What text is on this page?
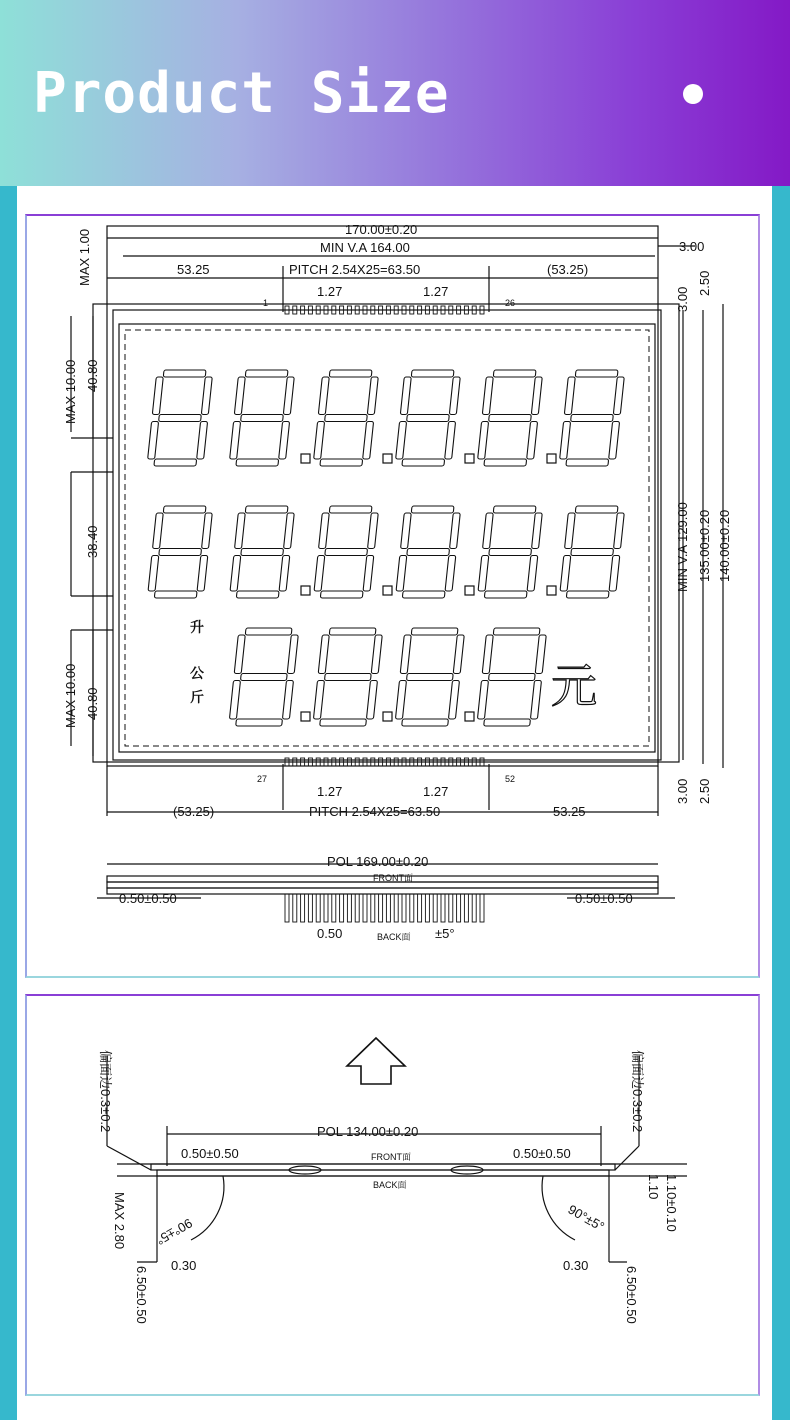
Product Size
170.00±0.20
MIN V.A 164.00
53.25	PITCH 2.54X25=63.50	(53.25)
1.27	1.27
1	26
3.00
3.00
2.50
MIN V.A 129.00 135.00±0.20 140.00±0.20
3.00 2.50
MAX 1.00
MAX 10.00 40.80
38.40
MAX 10.00 40.80
27	52
1.27	1.27
(53.25)	PITCH 2.54X25=63.50	53.25
升
公
斤	元
POL 169.00±0.20
FRONT面
BACK面
0.50±0.50	0.50±0.50
0.50	±5°
POL 134.00±0.20
0.50±0.50	0.50±0.50
FRONT面
BACK面
偏面边0.3±0.2
MAX 2.80
0.30
6.50±0.50
90°±5°
偏面边0.3±0.2
1.10 1.10±0.10
0.30
6.50±0.50
90°±5°
